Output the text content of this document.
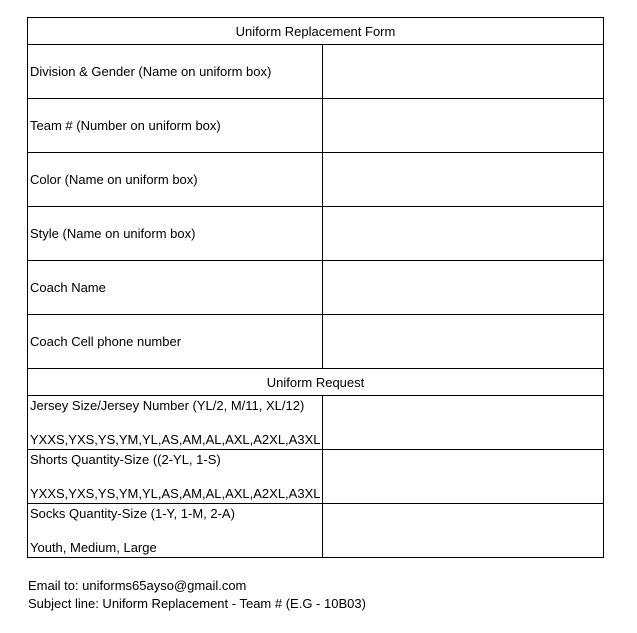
Uniform Replacement Form	
Division & Gender (Name on uniform box)	
Team # (Number on uniform box)	
Color (Name on uniform box)	
Style (Name on uniform box)	
Coach Name	
Coach Cell phone number	
Uniform Request	

Jersey Size/Jersey Number (YL/2, M/11, XL/12)
YXXS,YXS,YS,YM,YL,AS,AM,AL,AXL,A2XL,A3XL	

Shorts Quantity-Size ((2-YL, 1-S)
YXXS,YXS,YS,YM,YL,AS,AM,AL,AXL,A2XL,A3XL	

Socks Quantity-Size (1-Y, 1-M, 2-A)
Youth, Medium, Large	

Email to: uniforms65ayso@gmail.com
Subject line: Uniform Replacement - Team # (E.G - 10B03)
